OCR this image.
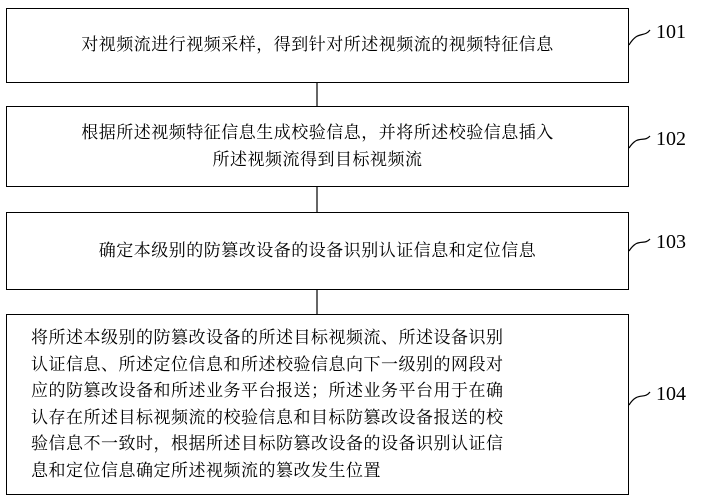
对视频流进行视频采样，得到针对所述视频流的视频特征信息
101
根据所述视频特征信息生成校验信息，并将所述校验信息插入
所述视频流得到目标视频流
102
确定本级别的防篡改设备的设备识别认证信息和定位信息	103
将所述本级别的防篡改设备的所述目标视频流、所述设备识别
认证信息、所述定位信息和所述校验信息向下一级别的网段对
应的防篡改设备和所述业务平台报送；所述业务平台用于在确
认存在所述目标视频流的校验信息和目标防篡改设备报送的校
验信息不一致时，根据所述目标防篡改设备的设备识别认证信
息和定位信息确定所述视频流的篡改发生位置
104
